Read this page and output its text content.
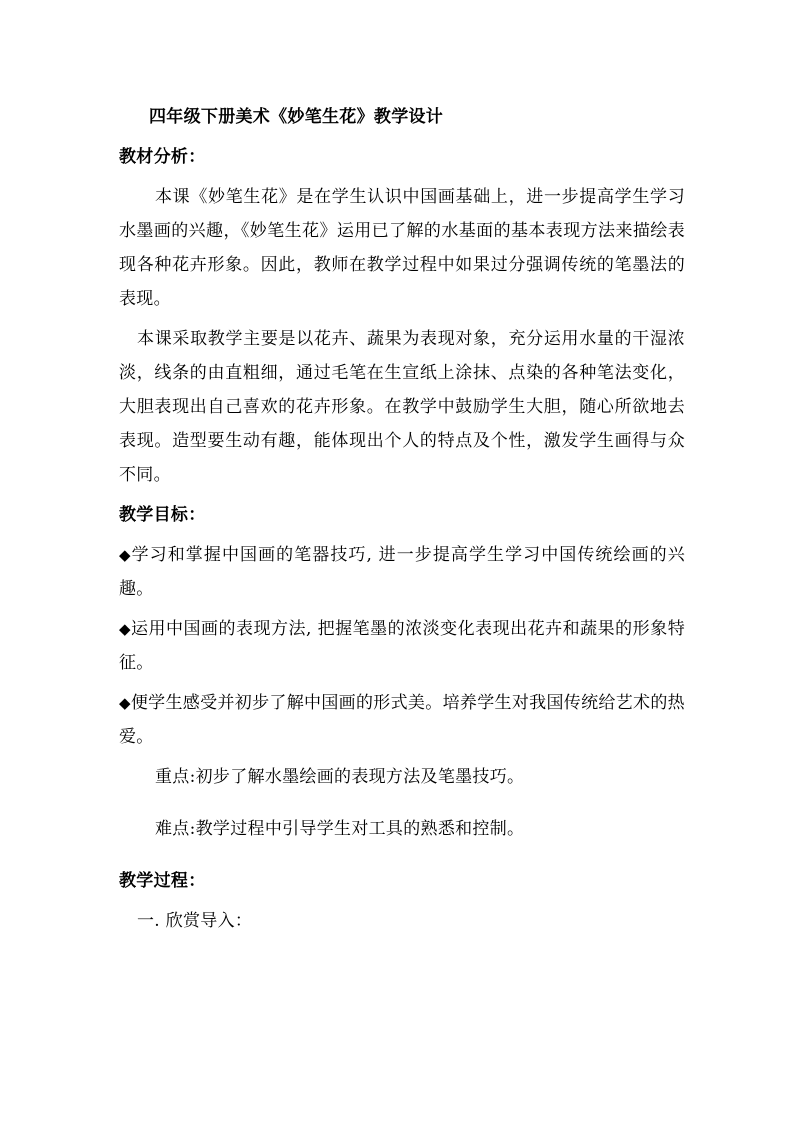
四年级下册美术《妙笔生花》教学设计
教材分析：

本课《妙笔生花》是在学生认识中国画基础上，进一步提高学生学习水墨画的兴趣，《妙笔生花》运用已了解的水基面的基本表现方法来描绘表现各种花卉形象。因此，教师在教学过程中如果过分强调传统的笔墨法的表现。

本课采取教学主要是以花卉、蔬果为表现对象，充分运用水量的干湿浓淡，线条的由直粗细，通过毛笔在生宣纸上涂抹、点染的各种笔法变化，大胆表现出自己喜欢的花卉形象。在教学中鼓励学生大胆，随心所欲地去表现。造型要生动有趣，能体现出个人的特点及个性，激发学生画得与众不同。

教学目标：

◆学习和掌握中国画的笔器技巧, 进一步提高学生学习中国传统绘画的兴趣。

◆运用中国画的表现方法, 把握笔墨的浓淡变化表现出花卉和蔬果的形象特征。

◆便学生感受并初步了解中国画的形式美。培养学生对我国传统给艺术的热爱。

重点:初步了解水墨绘画的表现方法及笔墨技巧。

难点:教学过程中引导学生对工具的熟悉和控制。

教学过程：

一. 欣赏导入：
